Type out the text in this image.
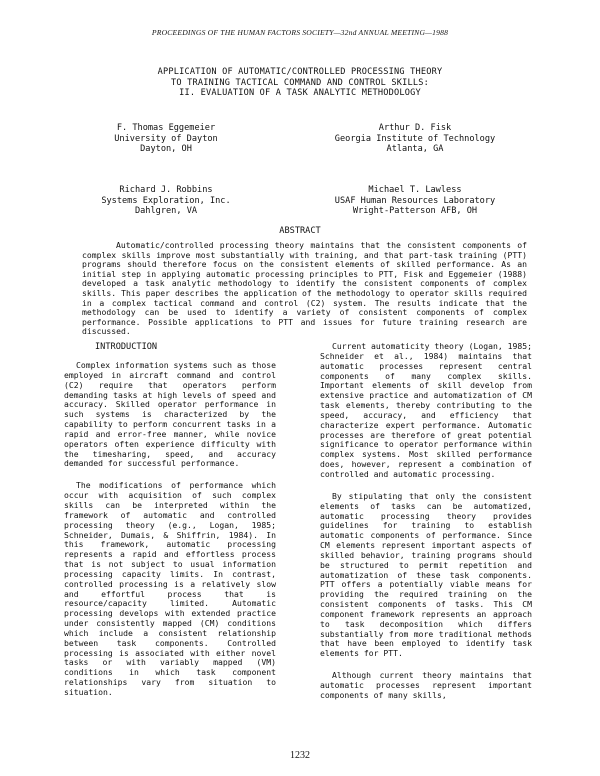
PROCEEDINGS OF THE HUMAN FACTORS SOCIETY—32nd ANNUAL MEETING—1988
APPLICATION OF AUTOMATIC/CONTROLLED PROCESSING THEORY
TO TRAINING TACTICAL COMMAND AND CONTROL SKILLS:
II. EVALUATION OF A TASK ANALYTIC METHODOLOGY
F. Thomas Eggemeier
University of Dayton
Dayton, OH
Arthur D. Fisk
Georgia Institute of Technology
Atlanta, GA
Richard J. Robbins
Systems Exploration, Inc.
Dahlgren, VA
Michael T. Lawless
USAF Human Resources Laboratory
Wright-Patterson AFB, OH
ABSTRACT

Automatic/controlled processing theory maintains that the consistent components of complex skills improve most substantially with training, and that part-task training (PTT) programs should therefore focus on the consistent elements of skilled performance. As an initial step in applying automatic processing principles to PTT, Fisk and Eggemeier (1988) developed a task analytic methodology to identify the consistent components of complex skills. This paper describes the application of the methodology to operator skills required in a complex tactical command and control (C2) system. The results indicate that the methodology can be used to identify a variety of consistent components of complex performance. Possible applications to PTT and issues for future training research are discussed.

INTRODUCTION

Complex information systems such as those employed in aircraft command and control (C2) require that operators perform demanding tasks at high levels of speed and accuracy. Skilled operator performance in such systems is characterized by the capability to perform concurrent tasks in a rapid and error-free manner, while novice operators often experience difficulty with the timesharing, speed, and accuracy demanded for successful performance.

The modifications of performance which occur with acquisition of such complex skills can be interpreted within the framework of automatic and controlled processing theory (e.g., Logan, 1985; Schneider, Dumais, & Shiffrin, 1984). In this framework, automatic processing represents a rapid and effortless process that is not subject to usual information processing capacity limits. In contrast, controlled processing is a relatively slow and effortful process that is resource/capacity limited. Automatic processing develops with extended practice under consistently mapped (CM) conditions which include a consistent relationship between task components. Controlled processing is associated with either novel tasks or with variably mapped (VM) conditions in which task component relationships vary from situation to situation.

Current automaticity theory (Logan, 1985; Schneider et al., 1984) maintains that automatic processes represent central components of many complex skills. Important elements of skill develop from extensive practice and automatization of CM task elements, thereby contributing to the speed, accuracy, and efficiency that characterize expert performance. Automatic processes are therefore of great potential significance to operator performance within complex systems. Most skilled performance does, however, represent a combination of controlled and automatic processing.

By stipulating that only the consistent elements of tasks can be automatized, automatic processing theory provides guidelines for training to establish automatic components of performance. Since CM elements represent important aspects of skilled behavior, training programs should be structured to permit repetition and automatization of these task components. PTT offers a potentially viable means for providing the required training on the consistent components of tasks. This CM component framework represents an approach to task decomposition which differs substantially from more traditional methods that have been employed to identify task elements for PTT.

Although current theory maintains that automatic processes represent important components of many skills,

1232
